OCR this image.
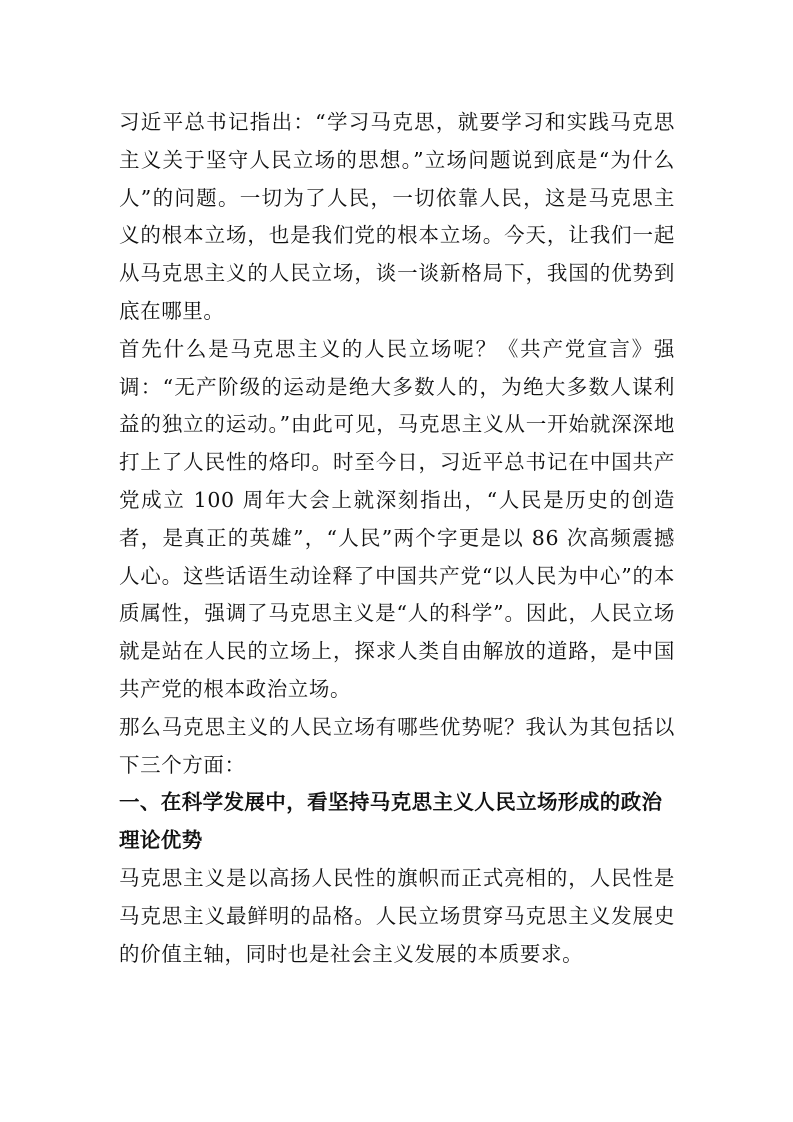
习近平总书记指出：“学习马克思，就要学习和实践马克思主义关于坚守人民立场的思想。”立场问题说到底是“为什么人”的问题。一切为了人民，一切依靠人民，这是马克思主义的根本立场，也是我们党的根本立场。今天，让我们一起从马克思主义的人民立场，谈一谈新格局下，我国的优势到底在哪里。

首先什么是马克思主义的人民立场呢？《共产党宣言》强调：“无产阶级的运动是绝大多数人的，为绝大多数人谋利益的独立的运动。”由此可见，马克思主义从一开始就深深地打上了人民性的烙印。时至今日，习近平总书记在中国共产党成立 100 周年大会上就深刻指出，“人民是历史的创造者，是真正的英雄”，“人民”两个字更是以 86 次高频震撼人心。这些话语生动诠释了中国共产党“以人民为中心”的本质属性，强调了马克思主义是“人的科学”。因此，人民立场就是站在人民的立场上，探求人类自由解放的道路，是中国共产党的根本政治立场。

那么马克思主义的人民立场有哪些优势呢？我认为其包括以下三个方面：

一、在科学发展中，看坚持马克思主义人民立场形成的政治理论优势

马克思主义是以高扬人民性的旗帜而正式亮相的，人民性是马克思主义最鲜明的品格。人民立场贯穿马克思主义发展史的价值主轴，同时也是社会主义发展的本质要求。
